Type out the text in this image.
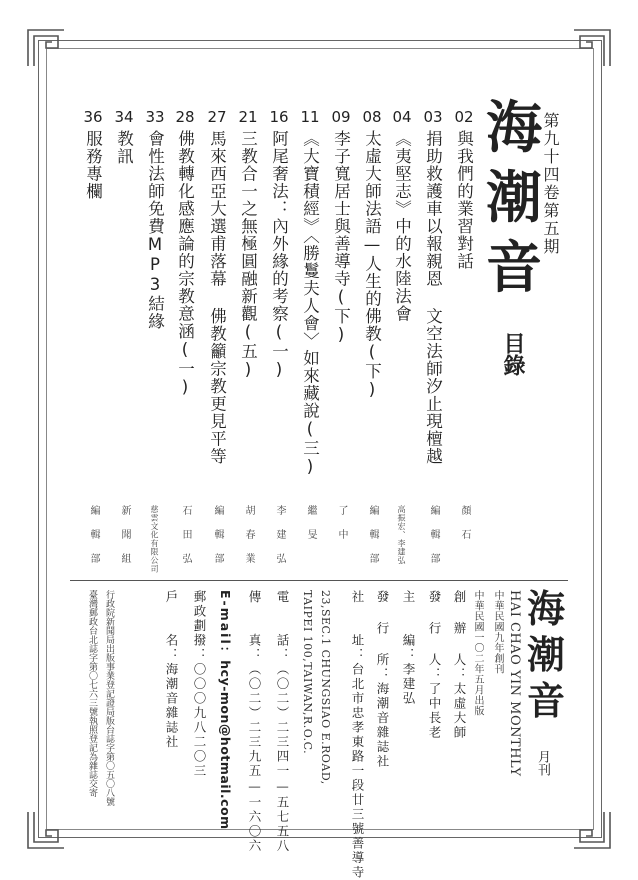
第九十四卷第五期
海
潮
音
目錄
02
與我們的業習對話
顏石
03
捐助救護車以報親恩 文空法師汐止現檀越
編輯部
04
《夷堅志》中的水陸法會
高振宏、李建弘
08
太虛大師法語—人生的佛教(下)
編輯部
09
李子寬居士與善導寺(下)
了中
11
《大寶積經》〈勝鬘夫人會〉如來藏說(三)
繼旻
16
阿尾奢法：內外緣的考察(一)
李建弘
21
三教合一之無極圓融新觀(五)
胡春業
27
馬來西亞大選甫落幕 佛教籲宗教更見平等
編輯部
28
佛教轉化感應論的宗教意涵(一)
石田弘
33
會性法師免費MP3結緣
慈雲文化有限公司
34
教訊
新聞組
36
服務專欄
編輯部
海
潮
音
月刊
HAI CHAO YIN MONTHLY
中華民國九年創刊
中華民國一〇二年五月出版
創 辦 人：太虛大師
發 行 人：了中長老
主　　編：李建弘
發 行 所：海潮音雜誌社
社　　址：台北市忠孝東路一段廿三號善導寺
23,SEC.1 CHUNGSIAO E.ROAD,
TAIPEI 100,TAIWAN,R.O.C.
電　　話：（〇二）二三四一—五七五八
傳　　真：（〇二）二三九五—一六〇六
E-mail：hcy-mon@hotmail.com
郵政劃撥：〇〇〇九八二〇三
戶　　名：海潮音雜誌社
行政院新聞局出版事業登記證局版台誌字第〇五〇八號
臺灣郵政台北誌字第〇七六三號執照登記為雜誌交寄
